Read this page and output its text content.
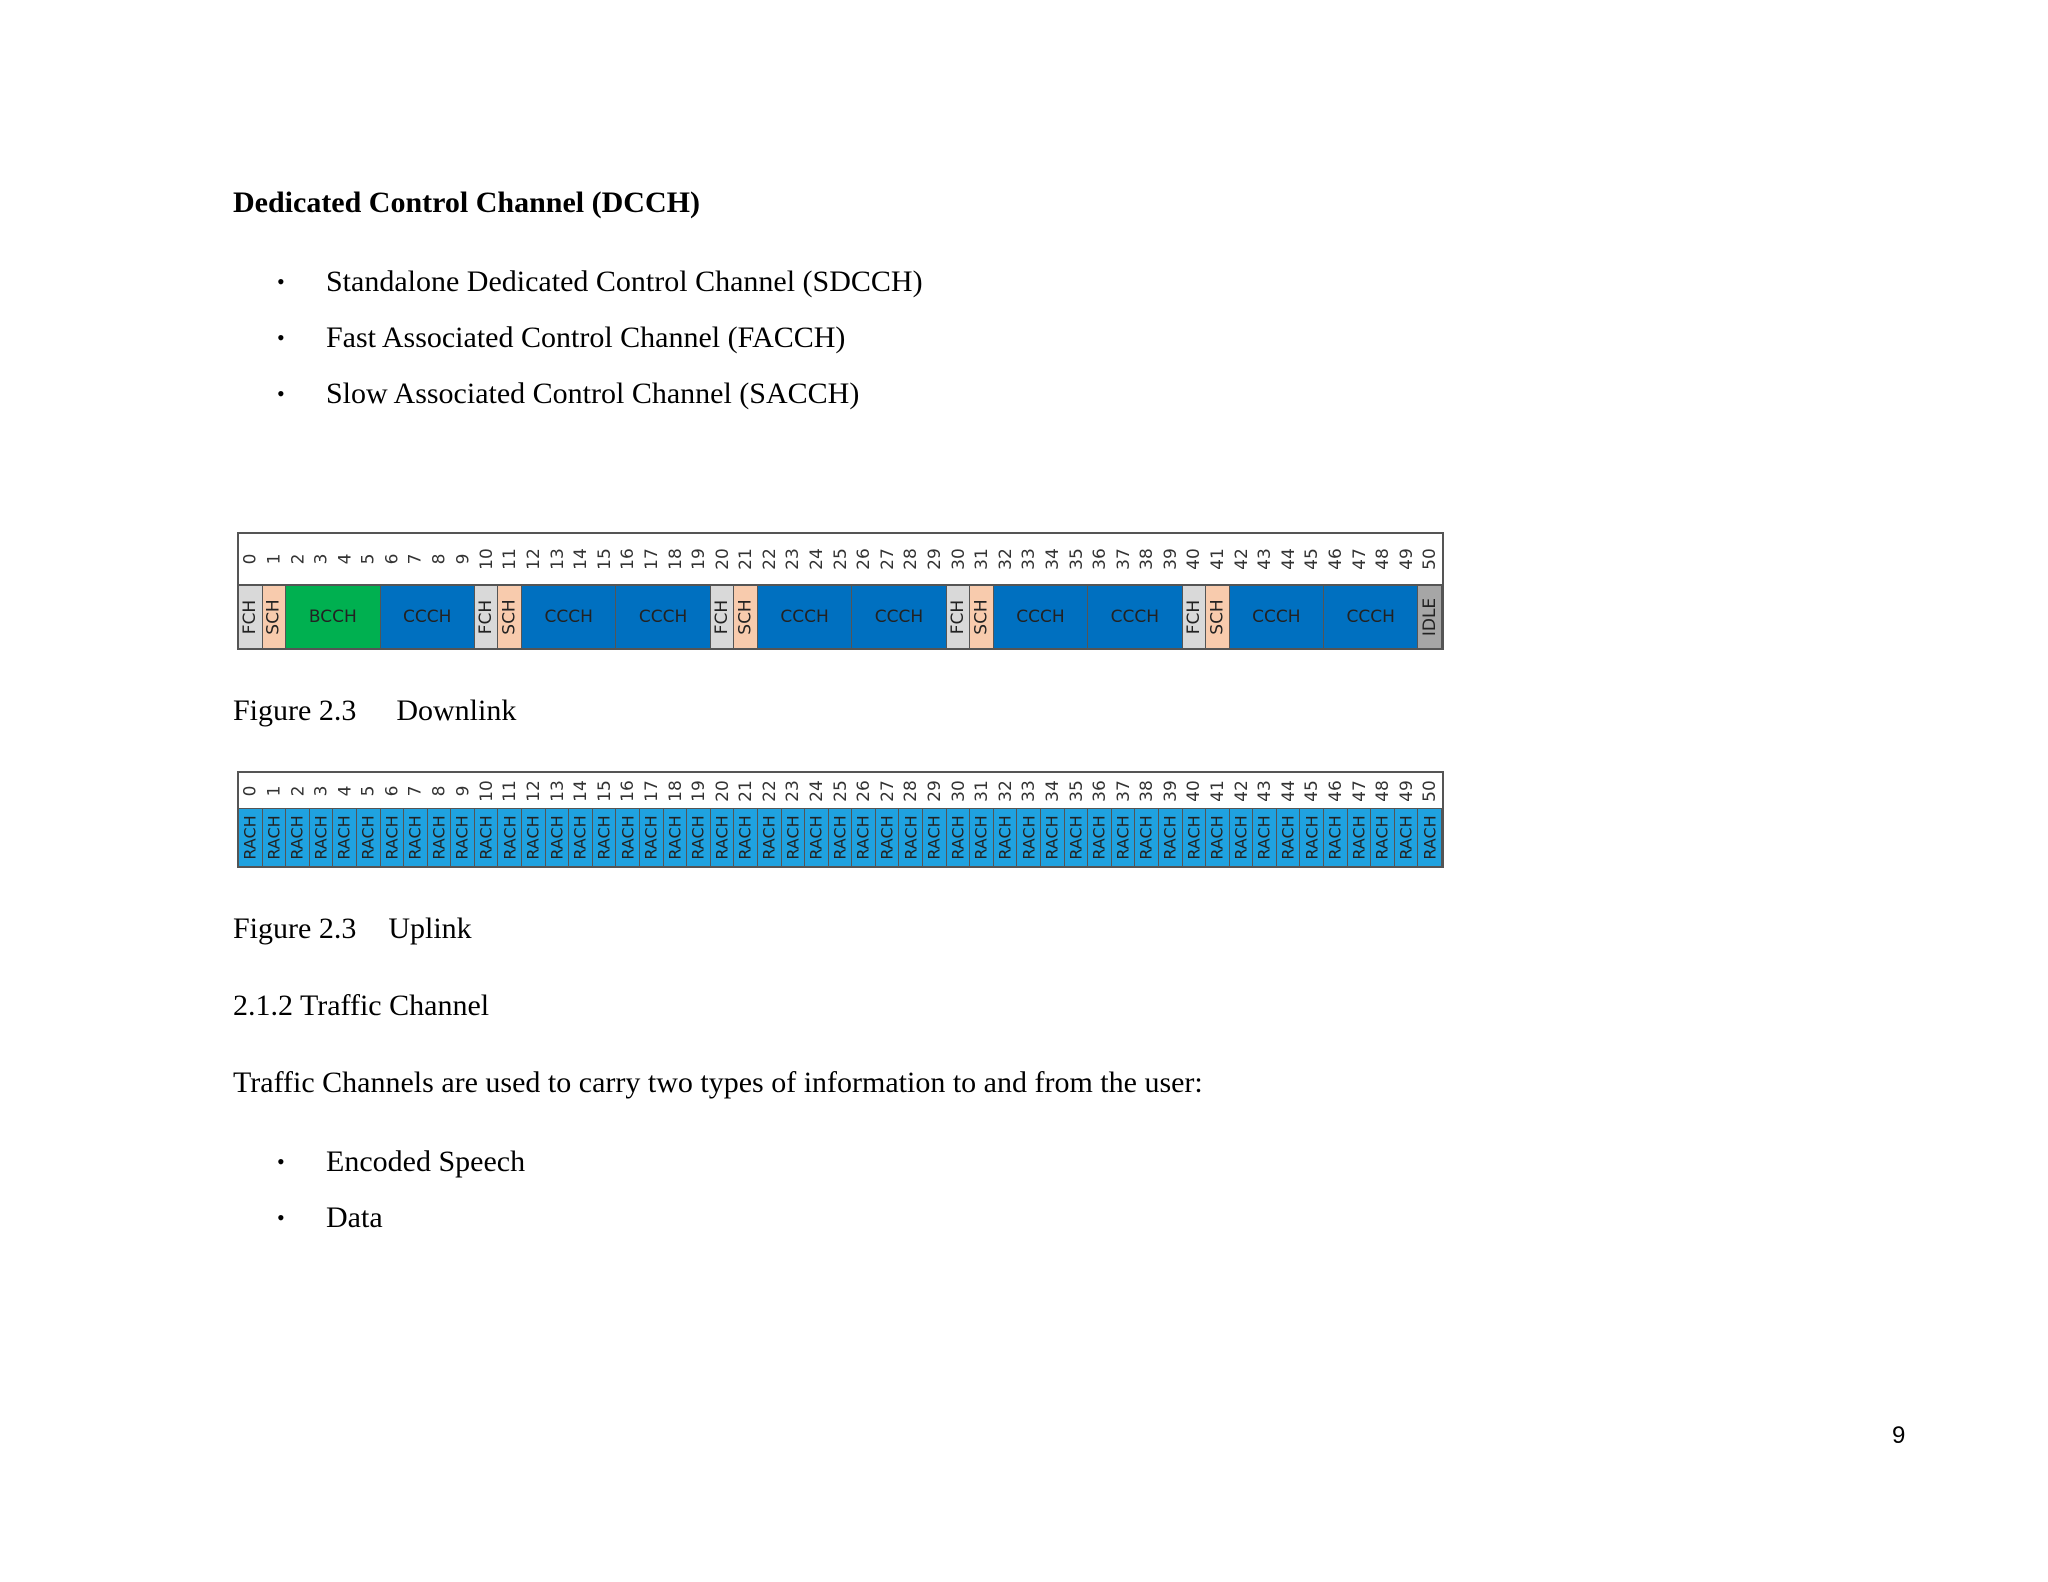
Dedicated Control Channel (DCCH)
• Standalone Dedicated Control Channel (SDCCH)
• Fast Associated Control Channel (FACCH)
• Slow Associated Control Channel (SACCH)
0 1 2 3 4 5 6 7 8 9 10 11 12 13 14 15 16 17 18 19 20 21 22 23 24 25 26 27 28 29 30 31 32 33 34 35 36 37 38 39 40 41 42 43 44 45 46 47 48 49 50
FCH SCH BCCH	CCCH FCH SCH CCCH	CCCH FCH SCH CCCH	CCCH FCH SCH CCCH	CCCH FCH SCH CCCH	CCCH IDLE
Figure 2.3 Downlink
0 1 2 3 4 5 6 7 8 9 10 11 12 13 14 15 16 17 18 19 20 21 22 23 24 25 26 27 28 29 30 31 32 33 34 35 36 37 38 39 40 41 42 43 44 45 46 47 48 49 50
RACH RACH RACH RACH RACH RACH RACH RACH RACH RACH RACH RACH RACH RACH RACH RACH RACH RACH RACH RACH RACH RACH RACH RACH RACH RACH RACH RACH RACH RACH RACH RACH RACH RACH RACH RACH RACH RACH RACH RACH RACH RACH RACH RACH RACH RACH RACH RACH RACH RACH RACH
Figure 2.3 Uplink
2.1.2 Traffic Channel
Traffic Channels are used to carry two types of information to and from the user:
• Encoded Speech
• Data
9
